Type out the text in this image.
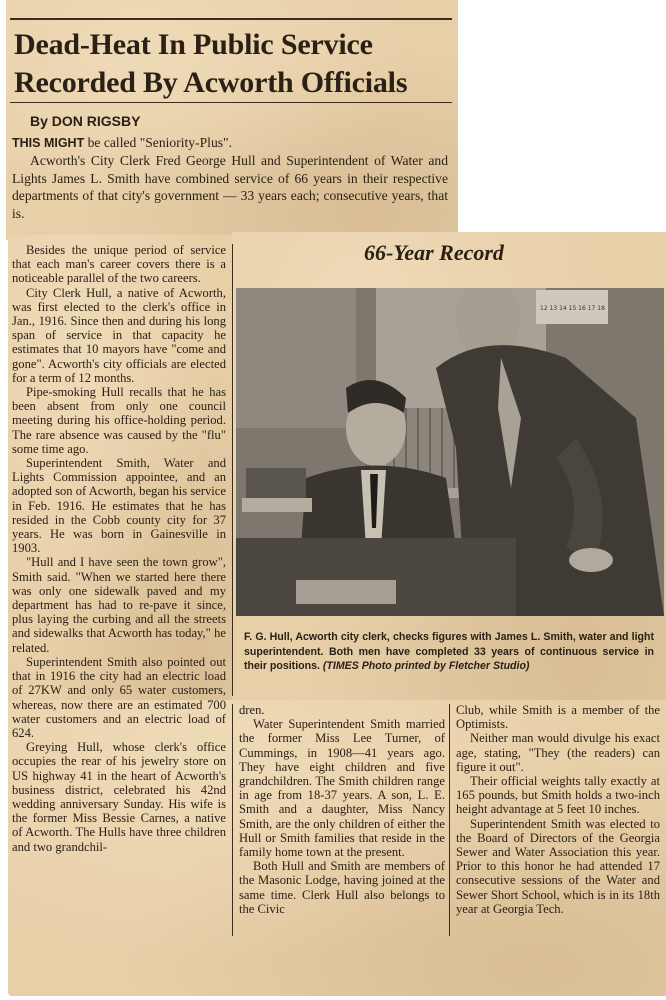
Dead-Heat In Public Service
Recorded By Acworth Officials
By DON RIGSBY

THIS MIGHT be called "Seniority-Plus".

Acworth's City Clerk Fred George Hull and Superintendent of Water and Lights James L. Smith have combined service of 66 years in their respective departments of that city's government — 33 years each; consecutive years, that is.

Besides the unique period of service that each man's career covers there is a noticeable parallel of the two careers.

City Clerk Hull, a native of Acworth, was first elected to the clerk's office in Jan., 1916. Since then and during his long span of service in that capacity he estimates that 10 mayors have "come and gone". Acworth's city officials are elected for a term of 12 months.

Pipe-smoking Hull recalls that he has been absent from only one council meeting during his office-holding period. The rare absence was caused by the "flu" some time ago.

Superintendent Smith, Water and Lights Commission appointee, and an adopted son of Acworth, began his service in Feb. 1916. He estimates that he has resided in the Cobb county city for 37 years. He was born in Gainesville in 1903.

"Hull and I have seen the town grow", Smith said. "When we started here there was only one sidewalk paved and my department has had to re-pave it since, plus laying the curbing and all the streets and sidewalks that Acworth has today," he related.

Superintendent Smith also pointed out that in 1916 the city had an electric load of 27KW and only 65 water customers, whereas, now there are an estimated 700 water customers and an electric load of 624.

Greying Hull, whose clerk's office occupies the rear of his jewelry store on US highway 41 in the heart of Acworth's business district, celebrated his 42nd wedding anniversary Sunday. His wife is the former Miss Bessie Carnes, a native of Acworth. The Hulls have three children and two grandchil-

66-Year Record
12 13 14 15 16 17 18
F. G. Hull, Acworth city clerk, checks figures with James L. Smith, water and light superintendent. Both men have completed 33 years of continuous service in their positions. (TIMES Photo printed by Fletcher Studio)

dren.

Water Superintendent Smith married the former Miss Lee Turner, of Cummings, in 1908—41 years ago. They have eight children and five grandchildren. The Smith children range in age from 18-37 years. A son, L. E. Smith and a daughter, Miss Nancy Smith, are the only children of either the Hull or Smith families that reside in the family home town at the present.

Both Hull and Smith are members of the Masonic Lodge, having joined at the same time. Clerk Hull also belongs to the Civic

Club, while Smith is a member of the Optimists.

Neither man would divulge his exact age, stating, "They (the readers) can figure it out".

Their official weights tally exactly at 165 pounds, but Smith holds a two-inch height advantage at 5 feet 10 inches.

Superintendent Smith was elected to the Board of Directors of the Georgia Sewer and Water Association this year. Prior to this honor he had attended 17 consecutive sessions of the Water and Sewer Short School, which is in its 18th year at Georgia Tech.
